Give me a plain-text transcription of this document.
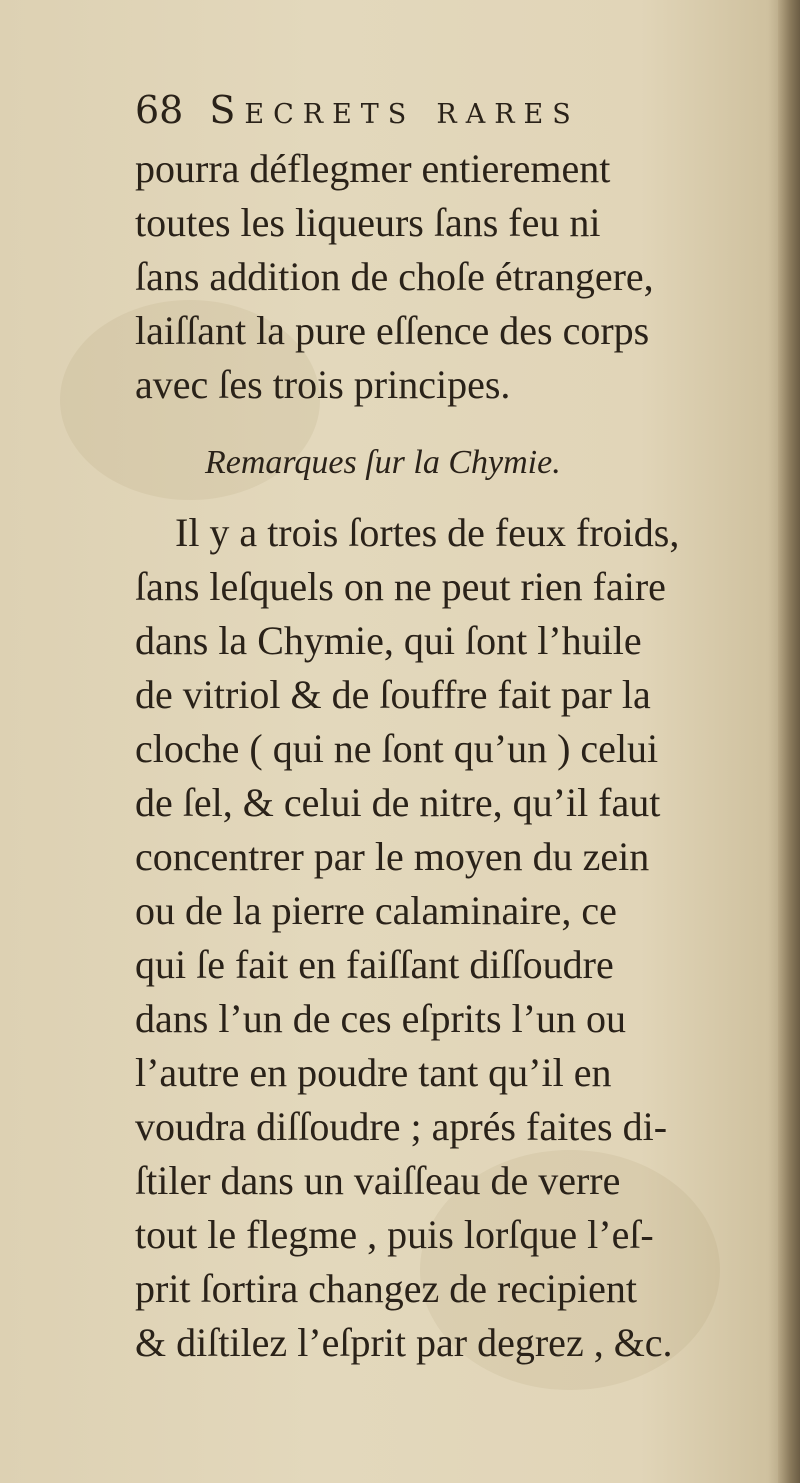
68 Secrets rares
pourra déflegmer entierement
toutes les liqueurs ſans feu ni
ſans addition de choſe étrangere,
laiſſant la pure eſſence des corps
avec ſes trois principes.
Remarques ſur la Chymie.
Il y a trois ſortes de feux froids,
ſans leſquels on ne peut rien faire
dans la Chymie, qui ſont l’huile
de vitriol & de ſouffre fait par la
cloche ( qui ne ſont qu’un ) celui
de ſel, & celui de nitre, qu’il faut
concentrer par le moyen du zein
ou de la pierre calaminaire, ce
qui ſe fait en faiſſant diſſoudre
dans l’un de ces eſprits l’un ou
l’autre en poudre tant qu’il en
voudra diſſoudre ; aprés faites di-
ſtiler dans un vaiſſeau de verre
tout le flegme , puis lorſque l’eſ-
prit ſortira changez de recipient
& diſtilez l’eſprit par degrez , &c.
